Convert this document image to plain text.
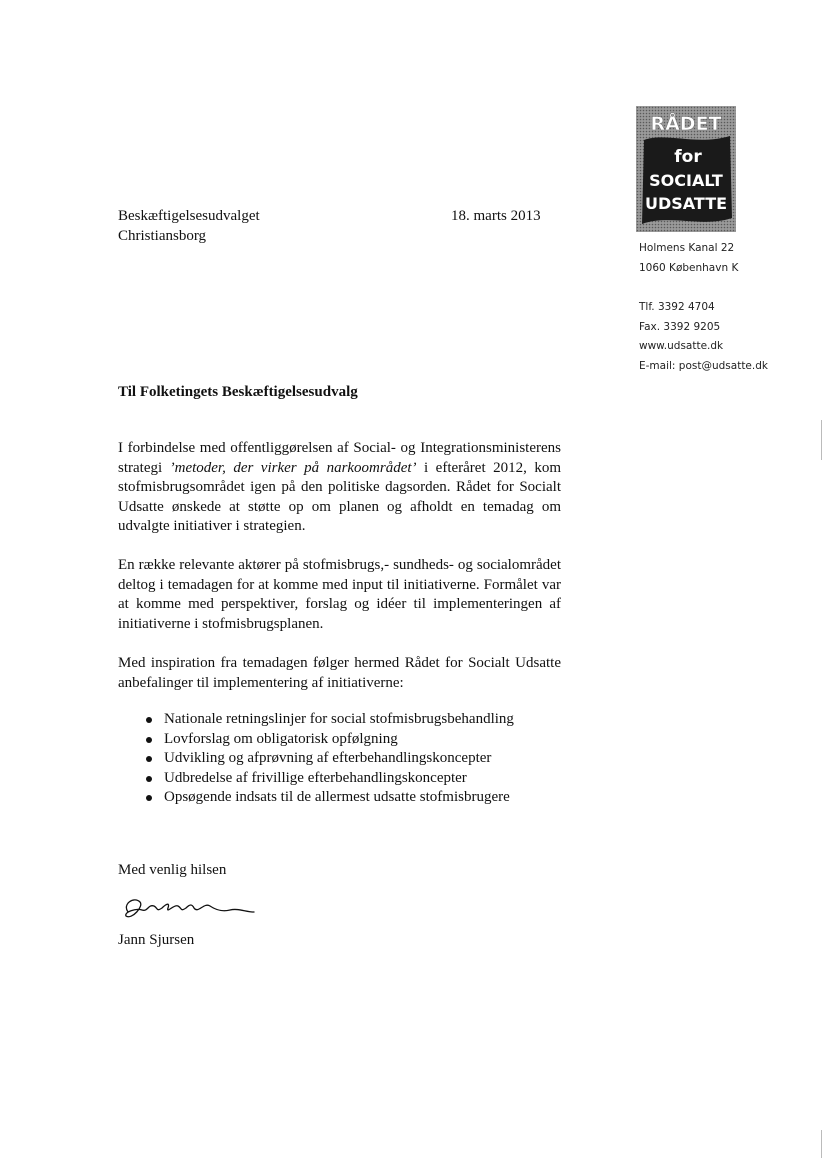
RÅDET
for
SOCIALT
UDSATTE
Holmens Kanal 22
1060 København K
Tlf. 3392 4704
Fax. 3392 9205
www.udsatte.dk
E-mail: post@udsatte.dk
Beskæftigelsesudvalget
Christiansborg
18. marts 2013
Til Folketingets Beskæftigelsesudvalg
I forbindelse med offentliggørelsen af Social- og Integrationsministerens strategi ’metoder, der virker på narkoområdet’ i efteråret 2012, kom stofmisbrugsområdet igen på den politiske dagsorden. Rådet for Socialt Udsatte ønskede at støtte op om planen og afholdt en temadag om udvalgte initiativer i strategien.
En række relevante aktører på stofmisbrugs,- sundheds- og socialområdet deltog i temadagen for at komme med input til initiativerne. Formålet var at komme med perspektiver, forslag og idéer til implementeringen af initiativerne i stofmisbrugsplanen.
Med inspiration fra temadagen følger hermed Rådet for Socialt Udsatte anbefalinger til implementering af initiativerne:
Nationale retningslinjer for social stofmisbrugsbehandling
Lovforslag om obligatorisk opfølgning
Udvikling og afprøvning af efterbehandlingskoncepter
Udbredelse af frivillige efterbehandlingskoncepter
Opsøgende indsats til de allermest udsatte stofmisbrugere
Med venlig hilsen
Jann Sjursen
